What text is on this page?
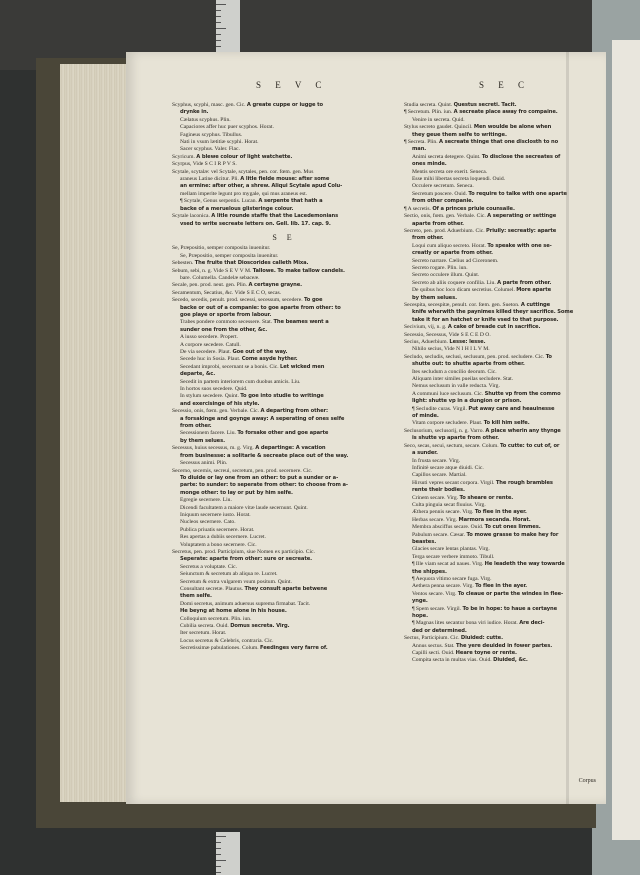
S E V C	S E C

Scyphus, scyphi, masc. gen. Cic. A greate cuppe or iugge to

drynke in.

Cælatus scyphus. Plin.

Capaciores affer huc puer scyphos. Horat.

Fagineus scyphus. Tibullus.

Nati in vsum lætitiæ scyphi. Horat.

Sacer scyphus. Valer. Flac.

Scyricum. A blewe colour of light watchette.

Scyrpus, Vide S C I R P V S.

Scytale, scytalæ: vel Scytale, scytales, pen. cor. fœm. gen. Mus

araneus Latine dicitur. Pli. A litle fielde mouse: after some

an ermine: after other, a shrew. Aliqui Scytale apud Colu-

mellam imperite legunt pro mygale, qui mus araneus est.

¶ Scytale, Genus serpentis. Lucan. A serpente that hath a

backe of a meruelous glisteringe colour.

Scytale laconica. A litle rounde staffe that the Lacedemonians

vsed to write secreate letters on. Gell. lib. 17. cap. 9.

S E

Se, Præpositio, semper composita inuenitur.

Se, Præpositio, semper composita inuenitur.

Sebesten. The fruite that Dioscorides calleth Mixa.

Sebum, sebi, n. g. Vide S E V V M. Tallowe. To make tallow candels.

bare. Columella. Candelæ sebaceæ.

Secale, pen. prod. neut. gen. Plin. A certayne grayne.

Secamentum, Secatius, &c. Vide S E C O, secas.

Secedo, secedis, penult. prod. secessi, secessum, secedere. To goe

backe or out of a companie: to goe aparte from other: to

goe playe or sporte from labour.

Trabes pondere commoto secessere. Stat. The beames went a

sunder one from the other, &c.

A iusso secedere. Propert.

A corpore secedere. Catull.

De via secedere. Plaut. Goe out of the way.

Secede huc in Sosia. Plaut. Come asyde hyther.

Secedant improbi, secernant se a bonis. Cic. Let wicked men

departe, &c.

Secedit in partem interiorem cum duobus amicis. Liu.

In hortos suos secedere. Quid.

In stylum secedere. Quint. To goe into studie to writinge

and exercisinge of his style.

Secessio, onis, fœm. gen. Verbale. Cic. A departing from other:

a forsakinge and goynge away: A seperating of ones selfe

from other.

Secessionem facere. Liu. To forsake other and goe aparte

by them selues.

Secessus, huius secessus, m. g. Virg. A departinge: A vacation

from businesse: a solitarie & secreate place out of the way.

Secessus animi. Plin.

Secerno, secernis, secreui, secretum, pen. prod. secernere. Cic.

To diuide or lay one from an other: to put a sunder or a-

parte: to sunder: to seperate from other: to choose from a-

monge other: to lay or put by him selfe.

Egregie secernere. Liu.

Dicendi facultatem a maiore vitæ laude secernunt. Quint.

Iniquum secernere iusto. Horat.

Nucleos secernere. Cato.

Publica priuatis secernere. Horat.

Res apertas a dubiis secernere. Lucret.

Voluptatem a bono secernere. Cic.

Secretus, pen. prod. Participium, siue Nomen ex participio. Cic.

Seperate: aparte from other: sure or secreate.

Secretus a voluptate. Cic.

Seiunctum & secretum ab aliqua re. Lucret.

Secretum & extra vulgarem vsum positum. Quint.

Consultant secretæ. Plautus. They consult aparte betwene

them selfe.

Domi secretus, animum aduersus suprema firmabat. Tacit.

He beyng at home alone in his house.

Colloquium secretum. Plin. iun.

Cubilia secreta. Ouid. Domus secreta. Virg.

Iter secretum. Horat.

Locus secretus & Celebris, contraria. Cic.

Secretissimæ pabulationes. Colum. Feedinges very farre of.

Studia secreta. Quint. Questus secreti. Tacit.

¶ Secretum. Plin. iun. A secreate place away fro compaine.

Venire in secreta. Quid.

Stylus secreto gaudet. Quincil. Men woulde be alone when

they geue them selfe to writinge.

¶ Secreta. Plin. A secreate thinge that one disclosth to no

man.

Animi secreta detegere. Quint. To disclose the secreates of

ones minde.

Mentis secreta ore exerit. Seneca.

Esse mihi libertas secreta loquendi. Ouid.

Occulere secretum. Seneca.

Secretum poscere. Ouid. To require to talke with one aparte

from other companie.

¶ A secretis. Of a princes priuie counsaile.

Sectio, onis, fœm. gen. Verbale. Cic. A seperating or settinge

aparte from other.

Secreto, pen. prod. Aduerbium. Cic. Priuily: secreatly: aparte

from other.

Loqui cum aliquo secreto. Horat. To speake with one se-

creatly or aparte from other.

Secreto narrare. Cælius ad Ciceronem.

Secreto rogare. Plin. iun.

Secreto occulere illum. Quint.

Secreto ab aliis coquere confilia. Liu. A parte from other.

De quibus hoc loco dicam secretius. Columel. More aparte

by them selues.

Secespita, secespitæ, penult. cor. fœm. gen. Sueton. A cuttinge

knife wherwith the paynimes killed theyr sacrifice. Some

take it for an hatchet or knife vsed to that purpose.

Secivium, vij, n. g. A cake of breade cut in sacrifice.

Secessio, Secessus, Vide S E C E D O.

Secius, Aduerbium. Lesse: lesse.

Nihilo secius, Vide N I H I L V M.

Secludo, secludis, seclusi, seclusum, pen. prod. secludere. Cic. To

shutte out: to shutte aparte from other.

Ites secludum a concilio deorum. Cic.

Aliquam inter similes pueilas secludere. Stat.

Nemus seclusum in valle reducta. Virg.

A communi luce seclusum. Cic. Shutte vp from the commo

light: shutte vp in a dungion or prison.

¶ Secludite curas. Virgil. Put away care and heauinesse

of minde.

Vitam corpore secludere. Plaut. To kill him selfe.

Seclusorium, seclusorij, n. g. Varro. A place wherin any thynge

is shutte vp aparte from other.

Seco, secas, secui, sectum, secare. Colum. To cutte: to cut of, or

a sunder.

In frusta secare. Virg.

Infinitè secare atque diuidi. Cic.

Capillos secare. Martial.

Hirsuti vepres secant corpora. Virgil. The rough brambles

rente their bodies.

Crinem secare. Virg. To sheare or rente.

Culta pinguia secat fluuius. Virg.

Æthera pennis secare. Virg. To flee in the ayer.

Herbas secare. Virg. Marmora secanda. Horat.

Membra absciffus secare. Ouid. To cut ones limmes.

Pabulum secare. Cæsar. To mowe grasse to make hey for

beastes.

Glacies secare lentas plantas. Virg.

Terga secare verbere immoto. Tibull.

¶ Ille viam secat ad naues. Virg. He leadeth the way towarde

the shippes.

¶ Aequora vltimo secare fuga. Virg.

Aethera penna secare. Virg. To flee in the ayer.

Ventos secare. Virg. To cleaue or parte the windes in flee-

ynge.

¶ Spem secare. Virgil. To be in hope: to haue a certayne

hope.

¶ Magnas lites secantur bona viri iudice. Horat. Are deci-

ded or determined.

Sectus, Participium. Cic. Diuided: cutte.

Annus sectus. Stat. The yere deuided in fower partes.

Capilli secti. Ouid. Heare toyne or rente.

Compita secta in multas vias. Ouid. Diuided, &c.

Corpus
